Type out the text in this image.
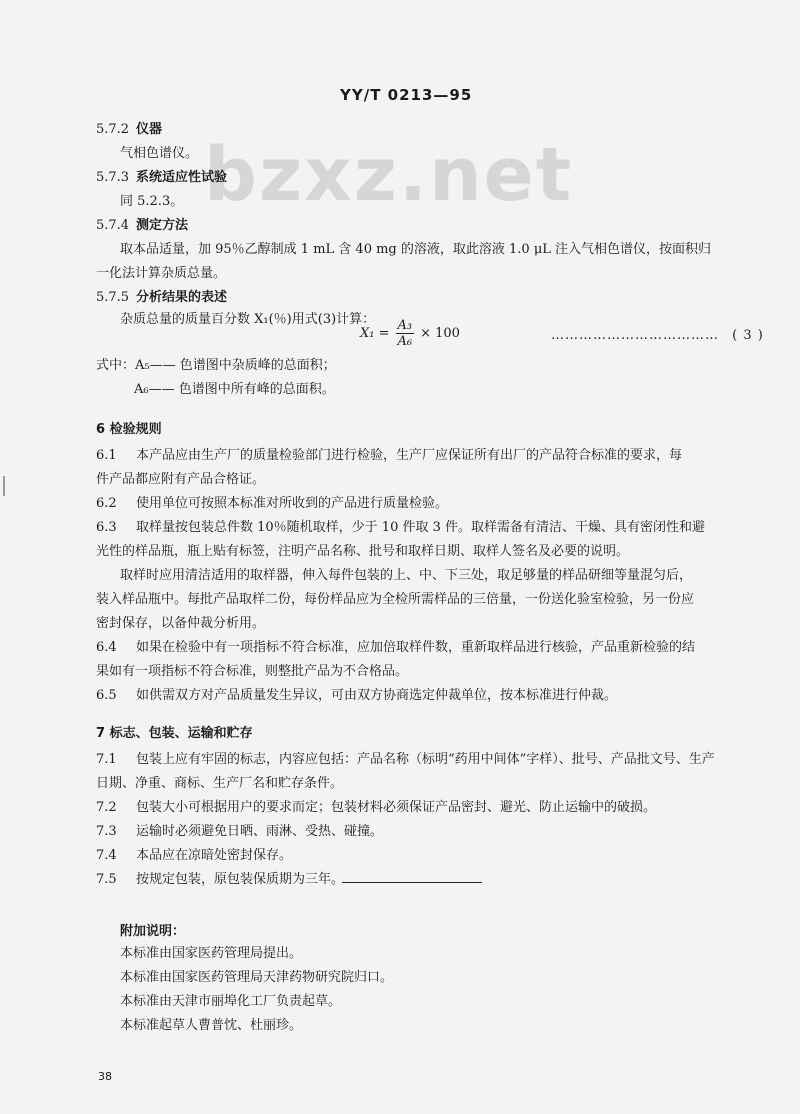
bzxz.net
YY/T 0213—95
5.7.2 仪器
气相色谱仪。
5.7.3 系统适应性试验
同 5.2.3。
5.7.4 测定方法
取本品适量，加 95％乙醇制成 1 mL 含 40 mg 的溶液，取此溶液 1.0 μL 注入气相色谱仪，按面积归
一化法计算杂质总量。
5.7.5 分析结果的表述
杂质总量的质量百分数 X₁(％)用式(3)计算：
$X_1 = \frac{\text{A₃}}{\text{A₆}} \times 100$	……………………………… ( 3 )
式中：A₅—— 色谱图中杂质峰的总面积；
A₆—— 色谱图中所有峰的总面积。
6 检验规则
6.1 本产品应由生产厂的质量检验部门进行检验，生产厂应保证所有出厂的产品符合标准的要求，每
件产品都应附有产品合格证。
6.2 使用单位可按照本标准对所收到的产品进行质量检验。
6.3 取样量按包装总件数 10％随机取样，少于 10 件取 3 件。取样需备有清洁、干燥、具有密闭性和避
光性的样品瓶，瓶上贴有标签，注明产品名称、批号和取样日期、取样人签名及必要的说明。
取样时应用清洁适用的取样器，伸入每件包装的上、中、下三处，取足够量的样品研细等量混匀后，
装入样品瓶中。每批产品取样二份，每份样品应为全检所需样品的三倍量，一份送化验室检验，另一份应
密封保存，以备仲裁分析用。
6.4 如果在检验中有一项指标不符合标准，应加倍取样件数，重新取样品进行核验，产品重新检验的结
果如有一项指标不符合标准，则整批产品为不合格品。
6.5 如供需双方对产品质量发生异议，可由双方协商选定仲裁单位，按本标准进行仲裁。
7 标志、包装、运输和贮存
7.1 包装上应有牢固的标志，内容应包括：产品名称（标明“药用中间体”字样）、批号、产品批文号、生产
日期、净重、商标、生产厂名和贮存条件。
7.2 包装大小可根据用户的要求而定；包装材料必须保证产品密封、避光、防止运输中的破损。
7.3 运输时必须避免日晒、雨淋、受热、碰撞。
7.4 本品应在凉暗处密封保存。
7.5 按规定包装，原包装保质期为三年。
附加说明：
本标准由国家医药管理局提出。
本标准由国家医药管理局天津药物研究院归口。
本标准由天津市丽埠化工厂负责起草。
本标准起草人曹普忱、杜丽珍。
38
